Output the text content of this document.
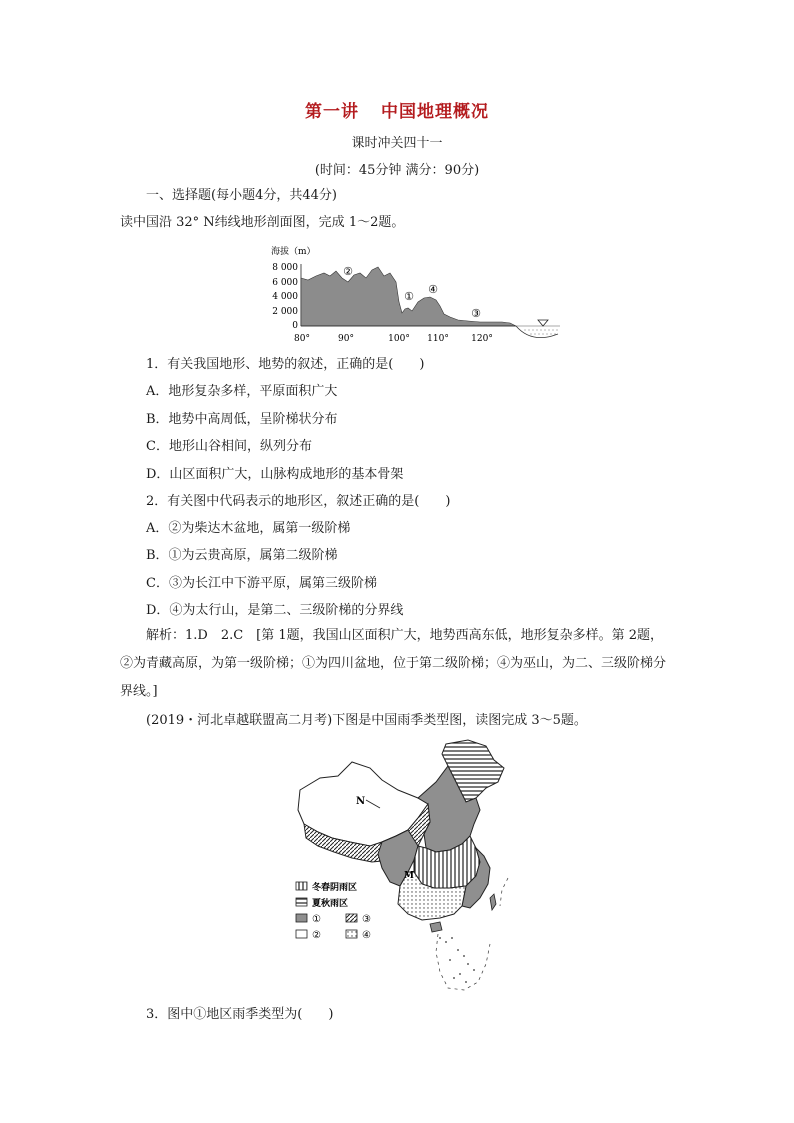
第一讲 中国地理概况
课时冲关四十一
(时间：45分钟 满分：90分)
一、选择题(每小题4分，共44分)
读中国沿 32° N纬线地形剖面图，完成 1～2题。
海拔（m）
8 000
6 000
4 000
2 000
0
80°	90°	100° 110° 120°
②
①
④
③
1．有关我国地形、地势的叙述，正确的是(　　)
A．地形复杂多样，平原面积广大
B．地势中高周低，呈阶梯状分布
C．地形山谷相间，纵列分布
D．山区面积广大，山脉构成地形的基本骨架
2．有关图中代码表示的地形区，叙述正确的是(　　)
A．②为柴达木盆地，属第一级阶梯
B．①为云贵高原，属第二级阶梯
C．③为长江中下游平原，属第三级阶梯
D．④为太行山，是第二、三级阶梯的分界线
解析：1.D　2.C　[第 1题，我国山区面积广大，地势西高东低，地形复杂多样。第 2题，②为青藏高原，为第一级阶梯；①为四川盆地，位于第二级阶梯；④为巫山，为二、三级阶梯分界线。]
(2019・河北卓越联盟高二月考)下图是中国雨季类型图，读图完成 3～5题。
N
M
冬春阴雨区
夏秋雨区
①	③
②	④
3．图中①地区雨季类型为(　　)
